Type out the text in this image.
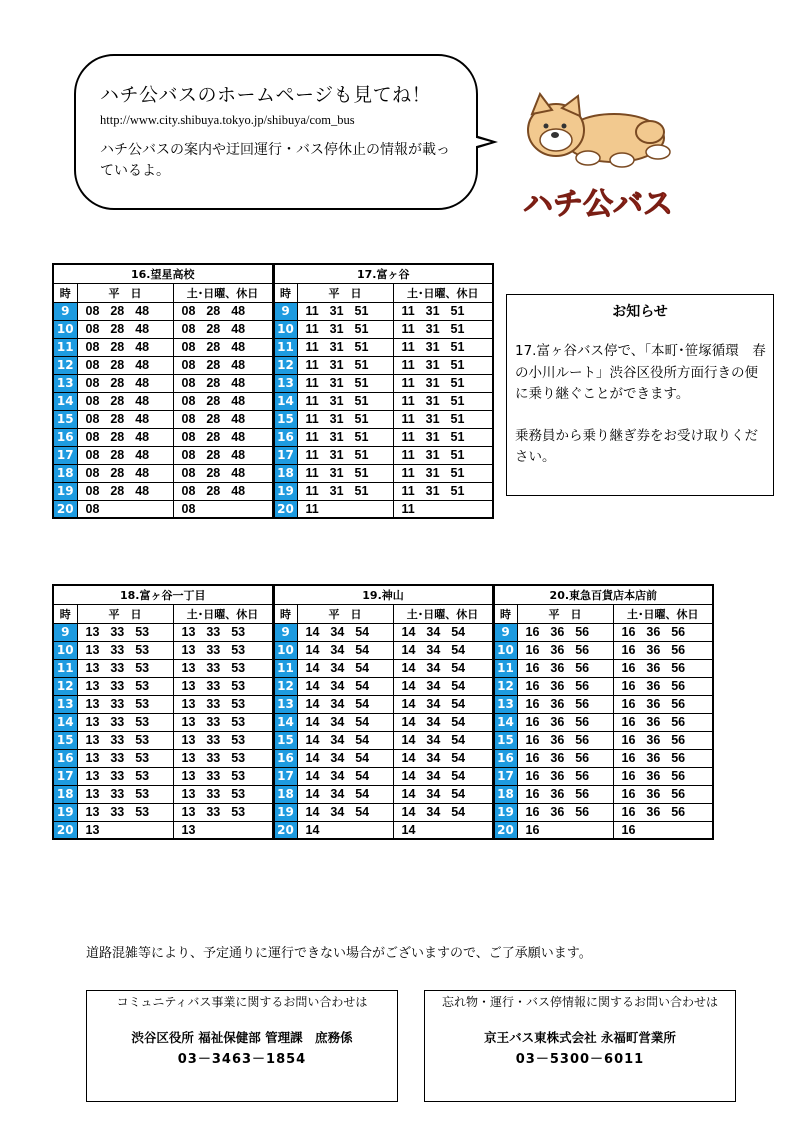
ハチ公バスのホームページも見てね！
http://www.city.shibuya.tokyo.jp/shibuya/com_bus
ハチ公バスの案内や迂回運行・バス停休止の情報が載っているよ。
ハチ公バス
16.望星高校			17.富ヶ谷		
時	平　日	土･日曜、休日	時	平　日	土･日曜、休日
9	08  28  48	08  28  48	9	11  31  51	11  31  51
10	08  28  48	08  28  48	10	11  31  51	11  31  51
11	08  28  48	08  28  48	11	11  31  51	11  31  51
12	08  28  48	08  28  48	12	11  31  51	11  31  51
13	08  28  48	08  28  48	13	11  31  51	11  31  51
14	08  28  48	08  28  48	14	11  31  51	11  31  51
15	08  28  48	08  28  48	15	11  31  51	11  31  51
16	08  28  48	08  28  48	16	11  31  51	11  31  51
17	08  28  48	08  28  48	17	11  31  51	11  31  51
18	08  28  48	08  28  48	18	11  31  51	11  31  51
19	08  28  48	08  28  48	19	11  31  51	11  31  51
20	08	08	20	11	11
お知らせ

17.富ヶ谷バス停で、「本町･笹塚循環　春の小川ルート」渋谷区役所方面行きの便に乗り継ぐことができます。

乗務員から乗り継ぎ券をお受け取りください。

18.富ヶ谷一丁目			19.神山			20.東急百貨店本店前		
時	平　日	土･日曜、休日	時	平　日	土･日曜、休日	時	平　日	土･日曜、休日
9	13  33  53	13  33  53	9	14  34  54	14  34  54	9	16  36  56	16  36  56
10	13  33  53	13  33  53	10	14  34  54	14  34  54	10	16  36  56	16  36  56
11	13  33  53	13  33  53	11	14  34  54	14  34  54	11	16  36  56	16  36  56
12	13  33  53	13  33  53	12	14  34  54	14  34  54	12	16  36  56	16  36  56
13	13  33  53	13  33  53	13	14  34  54	14  34  54	13	16  36  56	16  36  56
14	13  33  53	13  33  53	14	14  34  54	14  34  54	14	16  36  56	16  36  56
15	13  33  53	13  33  53	15	14  34  54	14  34  54	15	16  36  56	16  36  56
16	13  33  53	13  33  53	16	14  34  54	14  34  54	16	16  36  56	16  36  56
17	13  33  53	13  33  53	17	14  34  54	14  34  54	17	16  36  56	16  36  56
18	13  33  53	13  33  53	18	14  34  54	14  34  54	18	16  36  56	16  36  56
19	13  33  53	13  33  53	19	14  34  54	14  34  54	19	16  36  56	16  36  56
20	13	13	20	14	14	20	16	16
道路混雑等により、予定通りに運行できない場合がございますので、ご了承願います。
コミュニティバス事業に関するお問い合わせは
渋谷区役所 福祉保健部 管理課　庶務係
03－3463－1854
忘れ物・運行・バス停情報に関するお問い合わせは
京王バス東株式会社 永福町営業所
03－5300－6011
